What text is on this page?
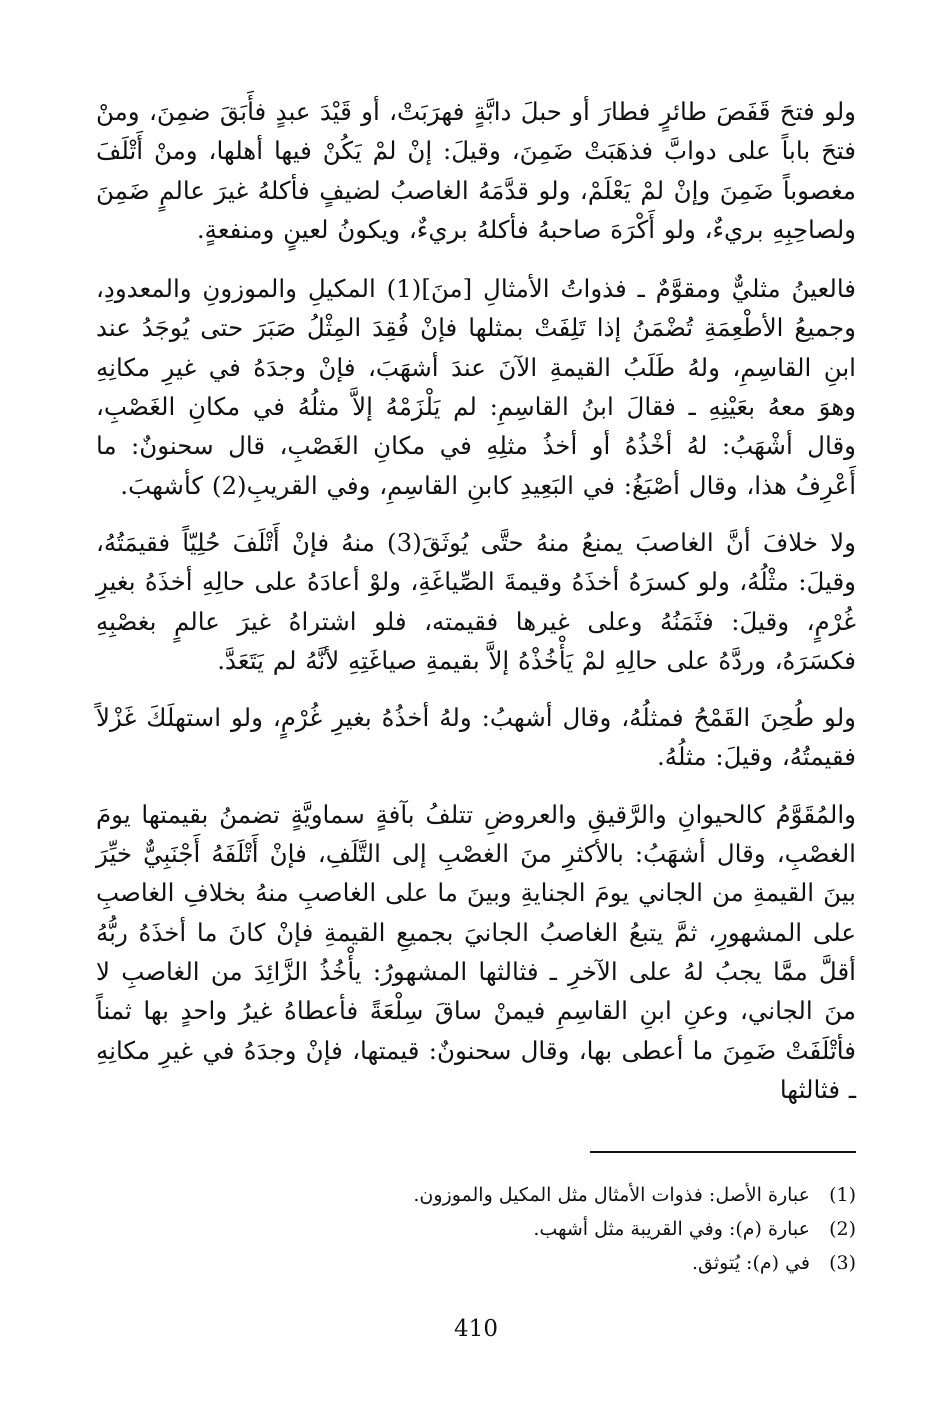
ولو فتحَ قَفَصَ طائرٍ فطارَ أو حبلَ دابَّةٍ فهرَبَتْ، أو قَيْدَ عبدٍ فأَبَقَ ضمِنَ، ومنْ فتحَ باباً على دوابَّ فذهَبَتْ ضَمِنَ، وقيلَ: إنْ لمْ يَكُنْ فيها أهلها، ومنْ أَتْلَفَ مغصوباً ضَمِنَ وإنْ لمْ يَعْلَمْ، ولو قدَّمَهُ الغاصبُ لضيفٍ فأكلهُ غيرَ عالمٍ ضَمِنَ ولصاحِبِهِ بريءٌ، ولو أَكْرَهَ صاحبهُ فأكلهُ بريءٌ، ويكونُ لعينٍ ومنفعةٍ.

فالعينُ مثليٌّ ومقوَّمٌ ـ فذواتُ الأمثالِ [منَ](1) المكيلِ والموزونِ والمعدودِ، وجميعُ الأطْعِمَةِ تُضْمَنُ إذا تَلِفَتْ بمثلها فإنْ فُقِدَ المِثْلُ صَبَرَ حتى يُوجَدُ عند ابنِ القاسِمِ، ولهُ طَلَبُ القيمةِ الآنَ عندَ أشهَبَ، فإنْ وجدَهُ في غيرِ مكانِهِ وهوَ معهُ بعَيْنِهِ ـ فقالَ ابنُ القاسِمِ: لم يَلْزَمْهُ إلاَّ مثلُهُ في مكانِ الغَصْبِ، وقال أشْهَبُ: لهُ أخْذُهُ أو أخذُ مثلِهِ في مكانِ الغَصْبِ، قال سحنونٌ: ما أَعْرِفُ هذا، وقال أصْبَغُ: في البَعِيدِ كابنِ القاسِمِ، وفي القريبِ(2) كأشهبَ.

ولا خلافَ أنَّ الغاصبَ يمنعُ منهُ حتَّى يُوثَقَ(3) منهُ فإنْ أَتْلَفَ حُلِيّاً فقيمَتُهُ، وقيلَ: مثْلُهُ، ولو كسرَهُ أخذَهُ وقيمةَ الصِّياغَةِ، ولوْ أعادَهُ على حالِهِ أخذَهُ بغيرِ غُرْمٍ، وقيلَ: فثَمَنُهُ وعلى غيرها فقيمته، فلو اشتراهُ غيرَ عالمٍ بغصْبِهِ فكسَرَهُ، وردَّهُ على حالِهِ لمْ يَأْخُذْهُ إلاَّ بقيمةِ صياغَتِهِ لأنَّهُ لم يَتَعَدَّ.

ولو طُحِنَ القَمْحُ فمثلُهُ، وقال أشهبُ: ولهُ أخذُهُ بغيرِ غُرْمٍ، ولو استهلَكَ غَزْلاً فقيمتُهُ، وقيلَ: مثلُهُ.

والمُقَوَّمُ كالحيوانِ والرَّقيقِ والعروضِ تتلفُ بآفةٍ سماويَّةٍ تضمنُ بقيمتها يومَ الغصْبِ، وقال أشهَبُ: بالأكثرِ منَ الغصْبِ إلى التَّلَفِ، فإنْ أَتْلَفَهُ أَجْنَبِيٌّ خيِّرَ بينَ القيمةِ من الجاني يومَ الجنايةِ وبينَ ما على الغاصبِ منهُ بخلافِ الغاصبِ على المشهورِ، ثمَّ يتبعُ الغاصبُ الجانيَ بجميعِ القيمةِ فإنْ كانَ ما أخذَهُ ربُّهُ أقلَّ ممَّا يجبُ لهُ على الآخرِ ـ فثالثها المشهورُ: يأْخُذُ الزَّائِدَ من الغاصبِ لا منَ الجاني، وعنِ ابنِ القاسِمِ فيمنْ ساقَ سِلْعَةً فأعطاهُ غيرُ واحدٍ بها ثمناً فأتْلَفَتْ ضَمِنَ ما أعطى بها، وقال سحنونٌ: قيمتها، فإنْ وجدَهُ في غيرِ مكانِهِ ـ فثالثها

(1)عبارة الأصل: فذوات الأمثال مثل المكيل والموزون.
(2)عبارة (م): وفي القريبة مثل أشهب.
(3)في (م): يُتوثق.
410
